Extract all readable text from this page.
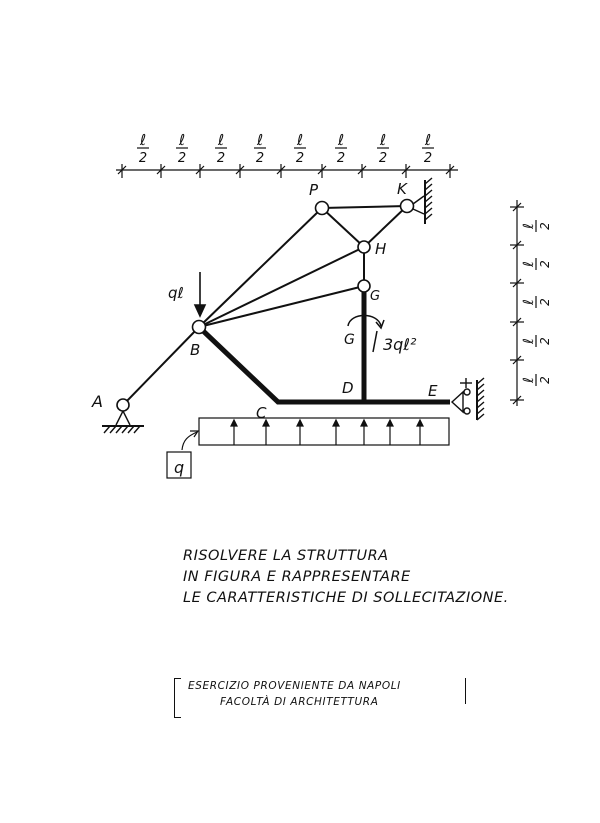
ℓ
2
ℓ
2
ℓ
2
ℓ
2
ℓ
2
ℓ
2
ℓ
2
ℓ
2
ℓ 2
ℓ 2
ℓ 2
ℓ 2
ℓ 2
qℓ
3qℓ²
G
q
A
B
C
D	E
G
H
K
P
RISOLVERE LA STRUTTURA
IN FIGURA E RAPPRESENTARE
LE CARATTERISTICHE DI SOLLECITAZIONE.
ESERCIZIO PROVENIENTE DA NAPOLI
FACOLTÀ DI ARCHITETTURA
